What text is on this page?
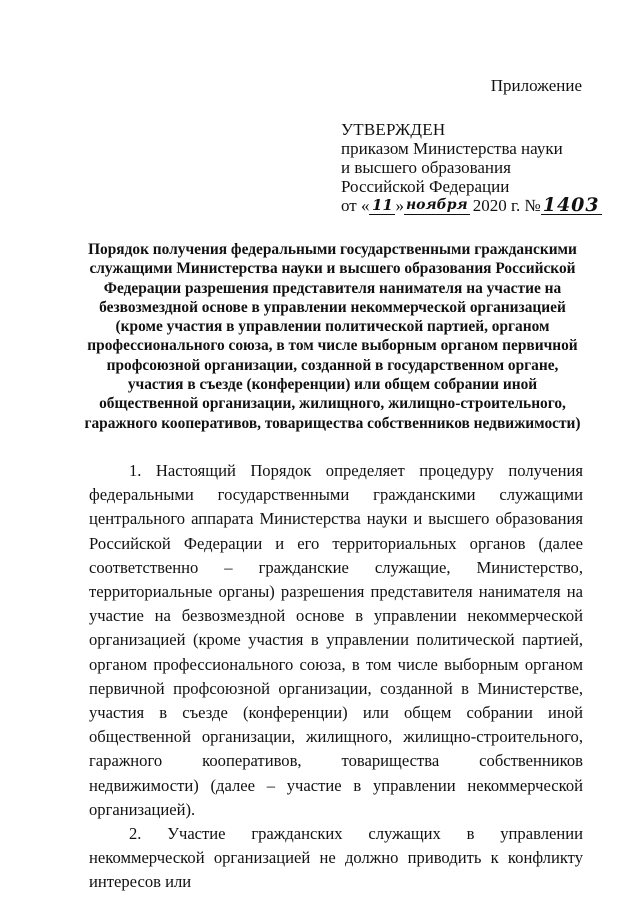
Приложение
УТВЕРЖДЕН
приказом Министерства науки
и высшего образования
Российской Федерации
от « 11 » ноября 2020 г. № 1403
Порядок получения федеральными государственными гражданскими служащими Министерства науки и высшего образования Российской Федерации разрешения представителя нанимателя на участие на безвозмездной основе в управлении некоммерческой организацией (кроме участия в управлении политической партией, органом профессионального союза, в том числе выборным органом первичной профсоюзной организации, созданной в государственном органе, участия в съезде (конференции) или общем собрании иной общественной организации, жилищного, жилищно-строительного, гаражного кооперативов, товарищества собственников недвижимости)

1. Настоящий Порядок определяет процедуру получения федеральными государственными гражданскими служащими центрального аппарата Министерства науки и высшего образования Российской Федерации и его территориальных органов (далее соответственно – гражданские служащие, Министерство, территориальные органы) разрешения представителя нанимателя на участие на безвозмездной основе в управлении некоммерческой организацией (кроме участия в управлении политической партией, органом профессионального союза, в том числе выборным органом первичной профсоюзной организации, созданной в Министерстве, участия в съезде (конференции) или общем собрании иной общественной организации, жилищного, жилищно-строительного, гаражного кооперативов, товарищества собственников недвижимости) (далее – участие в управлении некоммерческой организацией).

2. Участие гражданских служащих в управлении некоммерческой организацией не должно приводить к конфликту интересов или
